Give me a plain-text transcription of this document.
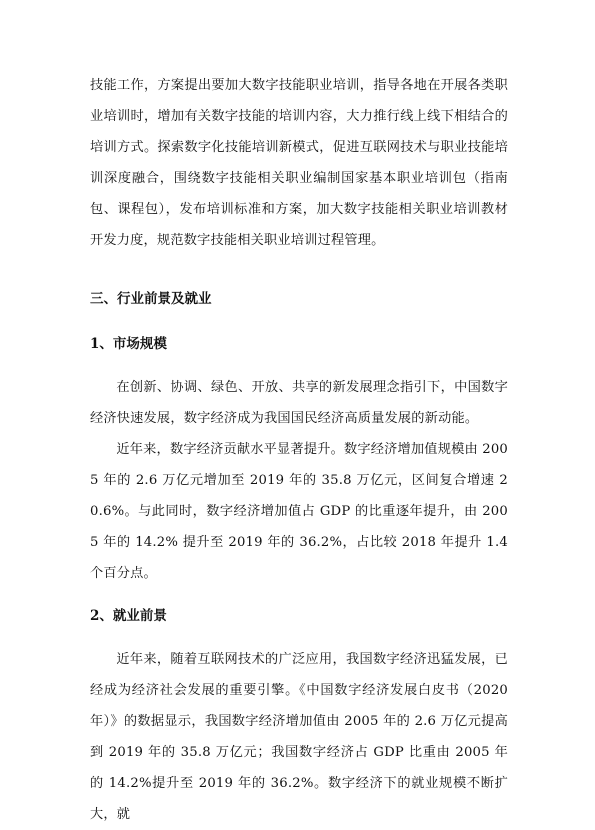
技能工作，方案提出要加大数字技能职业培训，指导各地在开展各类职业培训时，增加有关数字技能的培训内容，大力推行线上线下相结合的培训方式。探索数字化技能培训新模式，促进互联网技术与职业技能培训深度融合，围绕数字技能相关职业编制国家基本职业培训包（指南包、课程包），发布培训标准和方案，加大数字技能相关职业培训教材开发力度，规范数字技能相关职业培训过程管理。

三、行业前景及就业
1、市场规模

在创新、协调、绿色、开放、共享的新发展理念指引下，中国数字经济快速发展，数字经济成为我国国民经济高质量发展的新动能。

近年来，数字经济贡献水平显著提升。数字经济增加值规模由 2005 年的 2.6 万亿元增加至 2019 年的 35.8 万亿元，区间复合增速 20.6%。与此同时，数字经济增加值占 GDP 的比重逐年提升，由 2005 年的 14.2% 提升至 2019 年的 36.2%，占比较 2018 年提升 1.4 个百分点。

2、就业前景

近年来，随着互联网技术的广泛应用，我国数字经济迅猛发展，已经成为经济社会发展的重要引擎。《中国数字经济发展白皮书（2020 年）》的数据显示，我国数字经济增加值由 2005 年的 2.6 万亿元提高到 2019 年的 35.8 万亿元；我国数字经济占 GDP 比重由 2005 年的 14.2%提升至 2019 年的 36.2%。数字经济下的就业规模不断扩大，就
